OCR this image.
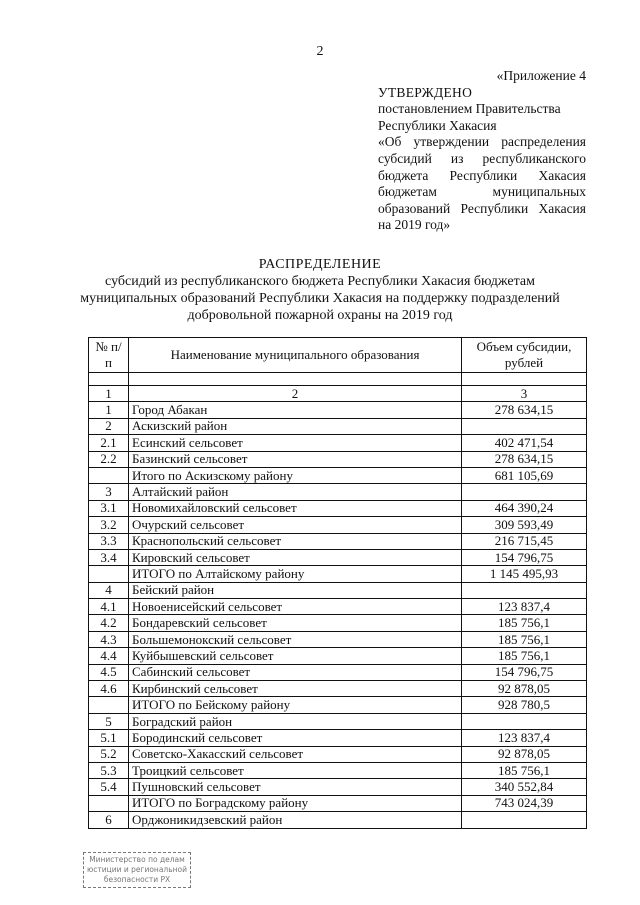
2
«Приложение 4
УТВЕРЖДЕНО
постановлением Правительства
Республики Хакасия
«Об утверждении распределения субсидий из республиканского бюджета Республики Хакасия бюджетам муниципальных образований Республики Хакасия на 2019 год»
РАСПРЕДЕЛЕНИЕ
субсидий из республиканского бюджета Республики Хакасия бюджетам
муниципальных образований Республики Хакасия на поддержку подразделений
добровольной пожарной охраны на 2019 год
№ п/п	Наименование муниципального образования	Объем субсидии, рублей

1	2	3
1	Город Абакан	278 634,15
2	Аскизский район	
2.1	Есинский сельсовет	402 471,54
2.2	Базинский сельсовет	278 634,15
	Итого по Аскизскому району	681 105,69
3	Алтайский район	
3.1	Новомихайловский сельсовет	464 390,24
3.2	Очурский сельсовет	309 593,49
3.3	Краснопольский сельсовет	216 715,45
3.4	Кировский сельсовет	154 796,75
	ИТОГО по Алтайскому району	1 145 495,93
4	Бейский район	
4.1	Новоенисейский сельсовет	123 837,4
4.2	Бондаревский сельсовет	185 756,1
4.3	Большемонокский сельсовет	185 756,1
4.4	Куйбышевский сельсовет	185 756,1
4.5	Сабинский сельсовет	154 796,75
4.6	Кирбинский сельсовет	92 878,05
	ИТОГО по Бейскому району	928 780,5
5	Боградский район	
5.1	Бородинский сельсовет	123 837,4
5.2	Советско-Хакасский сельсовет	92 878,05
5.3	Троицкий сельсовет	185 756,1
5.4	Пушновский сельсовет	340 552,84
	ИТОГО по Боградскому району	743 024,39
6	Орджоникидзевский район	
Министерство по делам
юстиции и региональной
безопасности РХ
